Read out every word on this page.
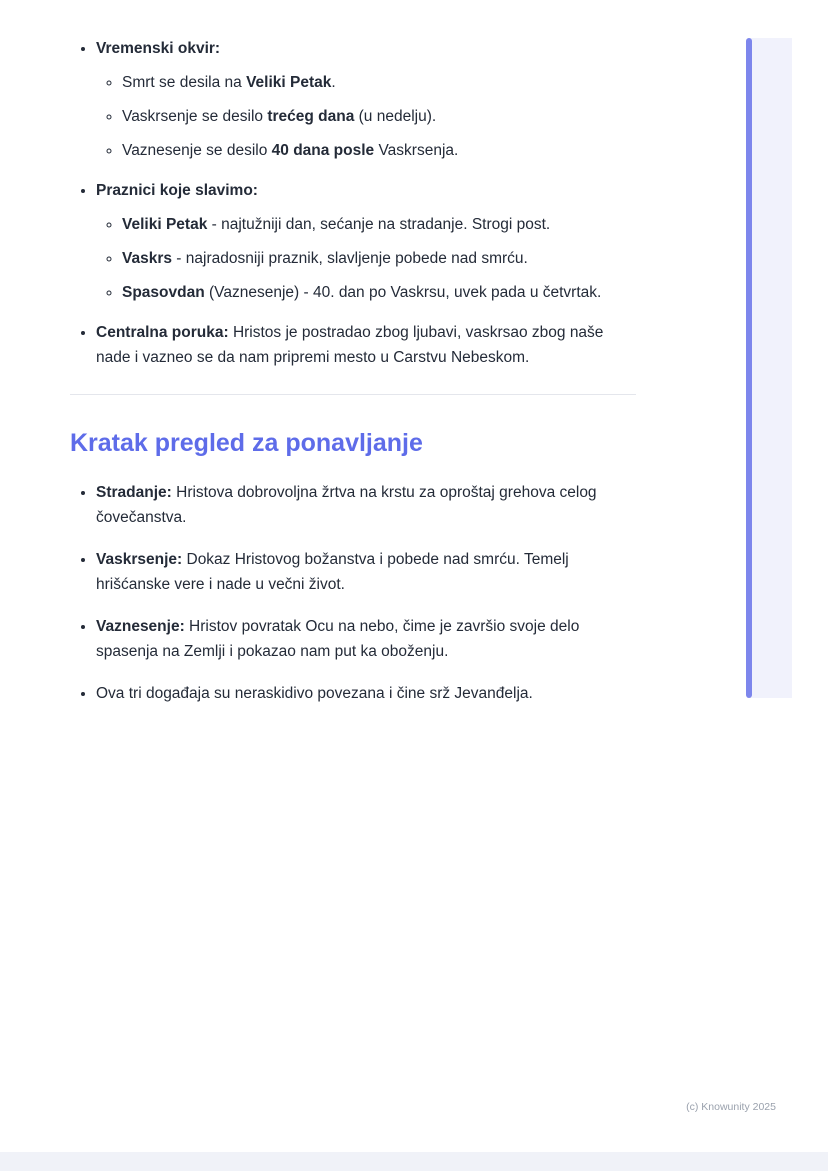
• Vremenski okvir:
◦ Smrt se desila na Veliki Petak.
◦ Vaskrsenje se desilo trećeg dana (u nedelju).
◦ Vaznesenje se desilo 40 dana posle Vaskrsenja.
• Praznici koje slavimo:
◦ Veliki Petak - najtužniji dan, sećanje na stradanje. Strogi post.
◦ Vaskrs - najradosniji praznik, slavljenje pobede nad smrću.
◦ Spasovdan (Vaznesenje) - 40. dan po Vaskrsu, uvek pada u četvrtak.
• Centralna poruka: Hristos je postradao zbog ljubavi, vaskrsao zbog naše nade i vazneo se da nam pripremi mesto u Carstvu Nebeskom.
Kratak pregled za ponavljanje
• Stradanje: Hristova dobrovoljna žrtva na krstu za oproštaj grehova celog čovečanstva.
• Vaskrsenje: Dokaz Hristovog božanstva i pobede nad smrću. Temelj hrišćanske vere i nade u večni život.
• Vaznesenje: Hristov povratak Ocu na nebo, čime je završio svoje delo spasenja na Zemlji i pokazao nam put ka oboženju.
• Ova tri događaja su neraskidivo povezana i čine srž Jevanđelja.
(c) Knowunity 2025
